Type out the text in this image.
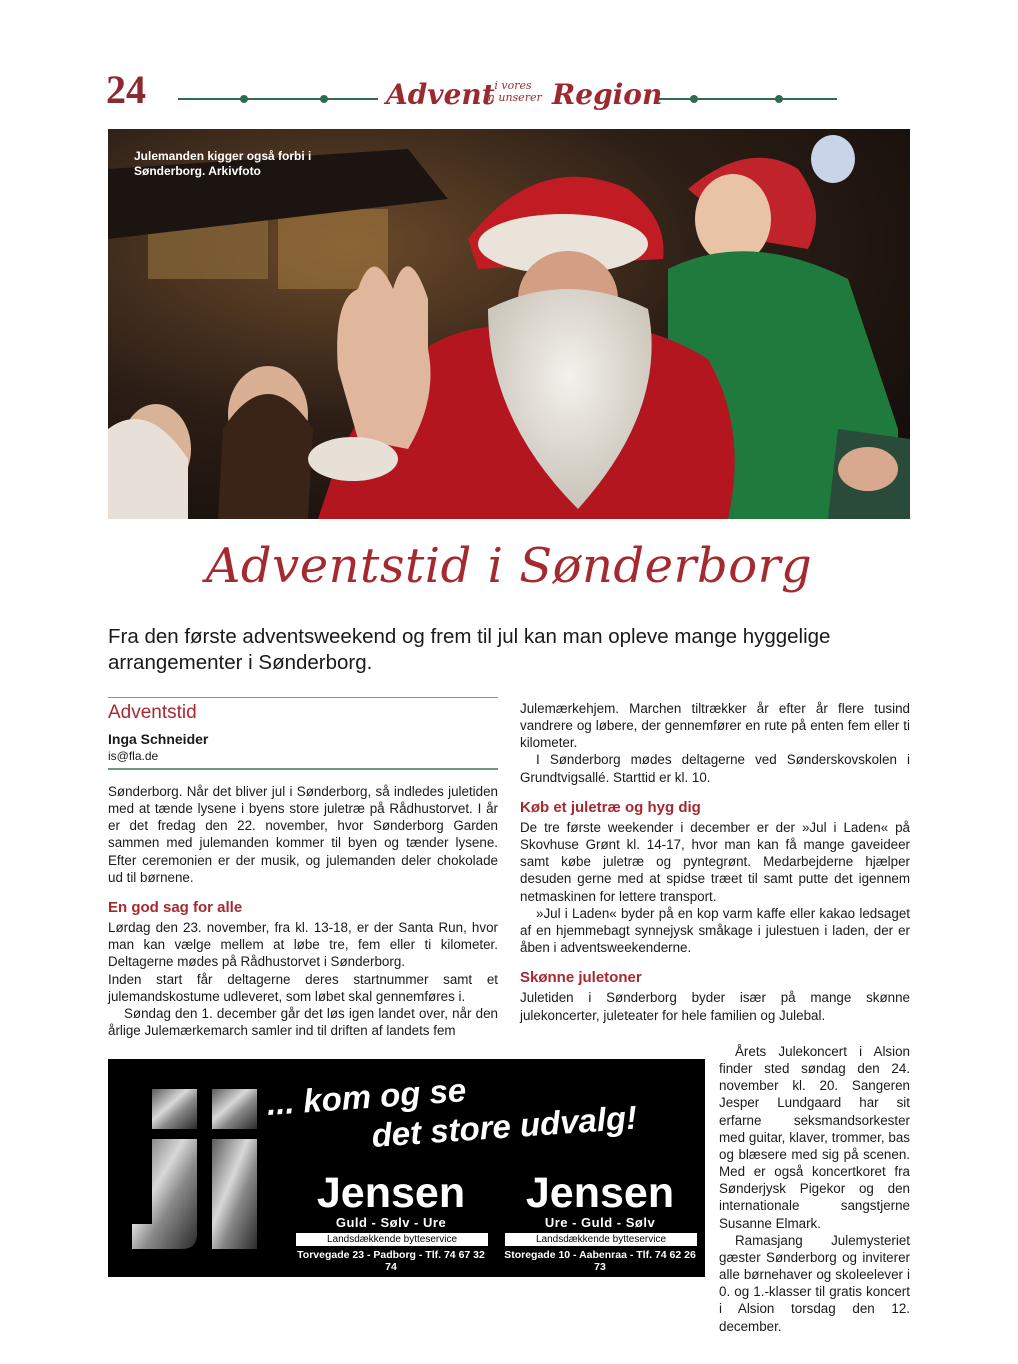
24	Advent i vores
in unserer Region
Julemanden kigger også forbi i Sønderborg. Arkivfoto
Adventstid i Sønderborg
Fra den første adventsweekend og frem til jul kan man opleve mange hyggelige arrangementer i Sønderborg.
Adventstid
Inga Schneider
is@fla.de

Sønderborg. Når det bliver jul i Sønderborg, så indledes juletiden med at tænde lysene i byens store juletræ på Rådhustorvet. I år er det fredag den 22. november, hvor Sønderborg Garden sammen med julemanden kommer til byen og tænder lysene. Efter ceremonien er der musik, og julemanden deler chokolade ud til børnene.

En god sag for alle

Lørdag den 23. november, fra kl. 13-18, er der Santa Run, hvor man kan vælge mellem at løbe tre, fem eller ti kilometer. Deltagerne mødes på Rådhustorvet i Sønderborg.

Inden start får deltagerne deres startnummer samt et julemandskostume udleveret, som løbet skal gennemføres i.

Søndag den 1. december går det løs igen landet over, når den årlige Julemærkemarch samler ind til driften af landets fem

Julemærkehjem. Marchen tiltrækker år efter år flere tusind vandrere og løbere, der gennemfører en rute på enten fem eller ti kilometer.

I Sønderborg mødes deltagerne ved Sønderskovskolen i Grundtvigsallé. Starttid er kl. 10.

Køb et juletræ og hyg dig

De tre første weekender i december er der »Jul i Laden« på Skovhuse Grønt kl. 14-17, hvor man kan få mange gaveideer samt købe juletræ og pyntegrønt. Medarbejderne hjælper desuden gerne med at spidse træet til samt putte det igennem netmaskinen for lettere transport.

»Jul i Laden« byder på en kop varm kaffe eller kakao ledsaget af en hjemmebagt synnejysk småkage i julestuen i laden, der er åben i adventsweekenderne.

Skønne juletoner

Juletiden i Sønderborg byder især på mange skønne julekoncerter, juleteater for hele familien og Julebal.

Årets Julekoncert i Alsion finder sted søndag den 24. november kl. 20. Sangeren Jesper Lundgaard har sit erfarne seksmandsorkester med guitar, klaver, trommer, bas og blæsere med sig på scenen. Med er også koncertkoret fra Sønderjysk Pigekor og den internationale sangstjerne Susanne Elmark.

Ramasjang Julemysteriet gæster Sønderborg og inviterer alle børnehaver og skoleelever i 0. og 1.-klasser til gratis koncert i Alsion torsdag den 12. december.

... kom og se
det store udvalg!
Jensen
Guld - Sølv - Ure
Landsdækkende bytteservice
Torvegade 23 - Padborg - Tlf. 74 67 32 74
Jensen
Ure - Guld - Sølv
Landsdækkende bytteservice
Storegade 10 - Aabenraa - Tlf. 74 62 26 73
